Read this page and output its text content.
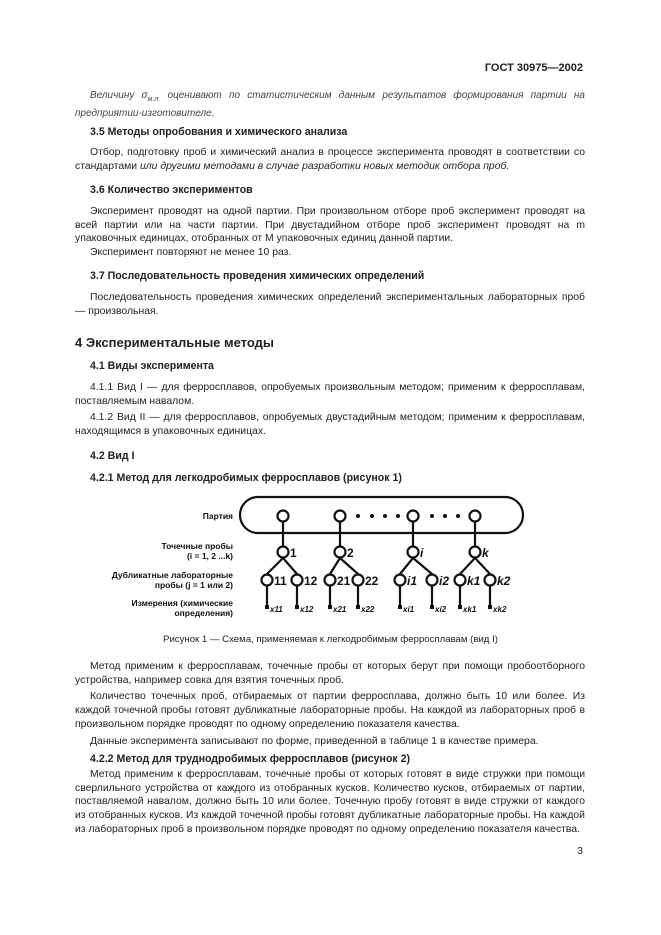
ГОСТ 30975—2002

Величину $\sigma_{м.л.}$ оценивают по статистическим данным результатов формирования партии на предприятии-изготовителе.

3.5 Методы опробования и химического анализа

Отбор, подготовку проб и химический анализ в процессе эксперимента проводят в соответствии со стандартами или другими методами в случае разработки новых методик отбора проб.

3.6 Количество экспериментов

Эксперимент проводят на одной партии. При произвольном отборе проб эксперимент проводят на всей партии или на части партии. При двустадийном отборе проб эксперимент проводят на m упаковочных единицах, отобранных от M упаковочных единиц данной партии.

Эксперимент повторяют не менее 10 раз.

3.7 Последовательность проведения химических определений

Последовательность проведения химических определений экспериментальных лабораторных проб — произвольная.

4 Экспериментальные методы
4.1 Виды эксперимента

4.1.1 Вид I — для ферросплавов, опробуемых произвольным методом; применим к ферросплавам, поставляемым навалом.

4.1.2 Вид II — для ферросплавов, опробуемых двустадийным методом; применим к ферросплавам, находящимся в упаковочных единицах.

4.2 Вид I
4.2.1 Метод для легкодробимых ферросплавов (рисунок 1)
Партия
Точечные пробы
(i = 1, 2 ...k)
Дубликатные лабораторные
пробы (j = 1 или 2)
Измерения (химические
определения)
1	2	i	k
11 12 21 22 i1 i2 k1 k2
x11 x12 x21 x22	xi1	xi2 xk1 xk2
Рисунок 1 — Схема, применяемая к легкодробимым ферросплавам (вид I)

Метод применим к ферросплавам, точечные пробы от которых берут при помощи пробоотборного устройства, например совка для взятия точечных проб.

Количество точечных проб, отбираемых от партии ферросплава, должно быть 10 или более. Из каждой точечной пробы готовят дубликатные лабораторные пробы. На каждой из лабораторных проб в произвольном порядке проводят по одному определению показателя качества.

Данные эксперимента записывают по форме, приведенной в таблице 1 в качестве примера.

4.2.2 Метод для труднодробимых ферросплавов (рисунок 2)

Метод применим к ферросплавам, точечные пробы от которых готовят в виде стружки при помощи сверлильного устройства от каждого из отобранных кусков. Количество кусков, отбираемых от партии, поставляемой навалом, должно быть 10 или более. Точечную пробу готовят в виде стружки от каждого из отобранных кусков. Из каждой точечной пробы готовят дубликатные лабораторные пробы. На каждой из лабораторных проб в произвольном порядке проводят по одному определению показателя качества.

3
